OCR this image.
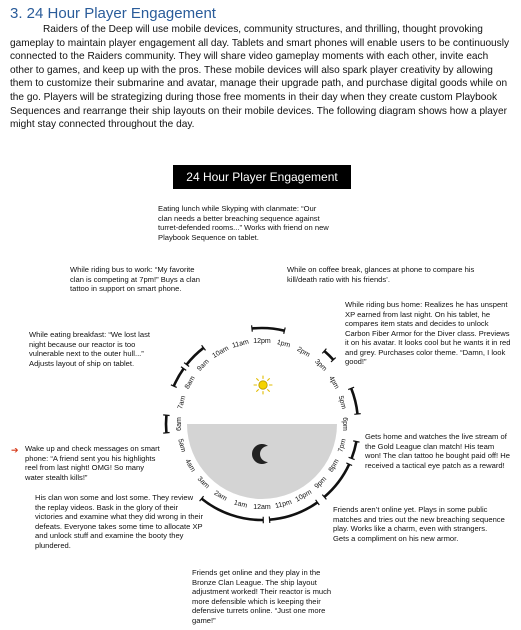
3. 24 Hour Player Engagement

Raiders of the Deep will use mobile devices, community structures, and thrilling, thought provoking gameplay to maintain player engagement all day. Tablets and smart phones will enable users to be continuously connected to the Raiders community. They will share video gameplay moments with each other, invite each other to games, and keep up with the pros. These mobile devices will also spark player creativity by allowing them to customize their submarine and avatar, manage their upgrade path, and purchase digital goods while on the go. Players will be strategizing during those free moments in their day when they create custom Playbook Sequences and rearrange their ship layouts on their mobile devices. The following diagram shows how a player might stay connected throughout the day.

24 Hour Player Engagement
6am
7am
8am
9am
10am
11am 12pm 1pm
2pm
3pm
4pm
5pm
6pm
7pm
8pm
9pm
10pm
11pm
12am
1am
2am
3am
4am
5am
➔

Eating lunch while Skyping with clanmate: “Our clan needs a better breaching sequence against turret-defended rooms...” Works with friend on new Playbook Sequence on tablet.

While riding bus to work: “My favorite clan is competing at 7pm!” Buys a clan tattoo in support on smart phone.

While on coffee break, glances at phone to compare his kill/death ratio with his friends’.

While riding bus home: Realizes he has unspent XP earned from last night. On his tablet, he compares item stats and decides to unlock Carbon Fiber Armor for the Diver class. Previews it on his avatar. It looks cool but he wants it in red and grey. Purchases color theme. “Damn, I look good!”

While eating breakfast: “We lost last night because our reactor is too vulnerable next to the outer hull...” Adjusts layout of ship on tablet.

Wake up and check messages on smart phone: “A friend sent you his highlights reel from last night! OMG! So many water stealth kills!”

Gets home and watches the live stream of the Gold League clan match! His team won! The clan tattoo he bought paid off! He received a tactical eye patch as a reward!

His clan won some and lost some. They review the replay videos. Bask in the glory of their victories and examine what they did wrong in their defeats. Everyone takes some time to allocate XP and unlock stuff and examine the booty they plundered.

Friends aren’t online yet. Plays in some public matches and tries out the new breaching sequence play. Works like a charm, even with strangers. Gets a compliment on his new armor.

Friends get online and they play in the Bronze Clan League. The ship layout adjustment worked! Their reactor is much more defensible which is keeping their defensive turrets online. “Just one more game!”
